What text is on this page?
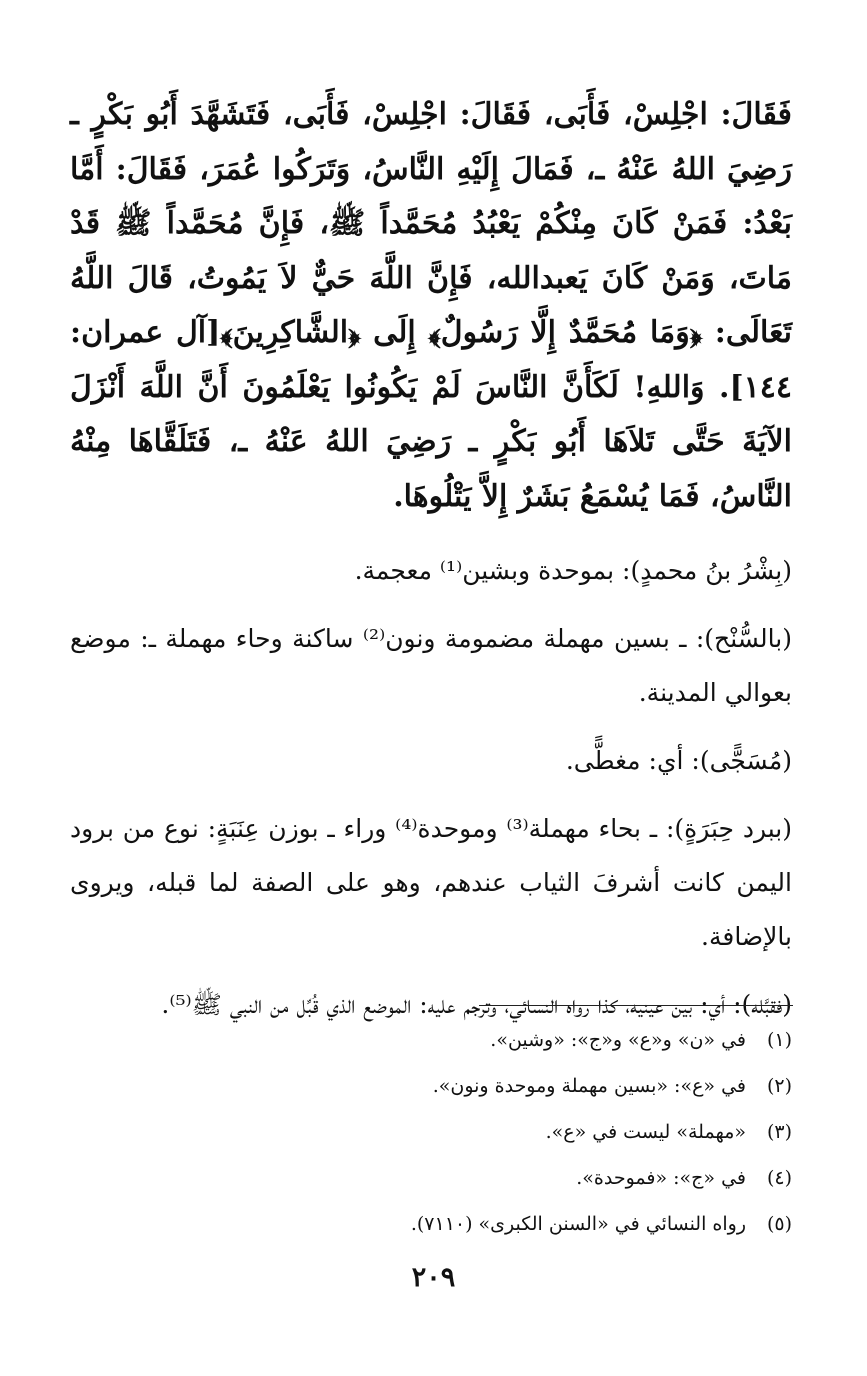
فَقَالَ: اجْلِسْ، فَأَبَى، فَقَالَ: اجْلِسْ، فَأَبَى، فَتَشَهَّدَ أَبُو بَكْرٍ ـ رَضِيَ اللهُ عَنْهُ ـ، فَمَالَ إِلَيْهِ النَّاسُ، وَتَرَكُوا عُمَرَ، فَقَالَ: أَمَّا بَعْدُ: فَمَنْ كَانَ مِنْكُمْ يَعْبُدُ مُحَمَّداً ﷺ، فَإِنَّ مُحَمَّداً ﷺ قَدْ مَاتَ، وَمَنْ كَانَ يَعبدالله، فَإِنَّ اللَّهَ حَيٌّ لاَ يَمُوتُ، قَالَ اللَّهُ تَعَالَى: ﴿وَمَا مُحَمَّدٌ إِلَّا رَسُولٌ﴾ إِلَى ﴿الشَّاكِرِينَ﴾[آل عمران: ١٤٤]. وَاللهِ! لَكَأَنَّ النَّاسَ لَمْ يَكُونُوا يَعْلَمُونَ أَنَّ اللَّهَ أَنْزَلَ الآيَةَ حَتَّى تَلاَهَا أَبُو بَكْرٍ ـ رَضِيَ اللهُ عَنْهُ ـ، فَتَلَقَّاهَا مِنْهُ النَّاسُ، فَمَا يُسْمَعُ بَشَرٌ إِلاَّ يَتْلُوهَا.

(بِشْرُ بنُ محمدٍ): بموحدة وبشين⁽¹⁾ معجمة.

(بالسُّنْح): ـ بسين مهملة مضمومة ونون⁽²⁾ ساكنة وحاء مهملة ـ: موضع بعوالي المدينة.

(مُسَجًّى): أي: مغطًّى.

(ببرد حِبَرَةٍ): ـ بحاء مهملة⁽³⁾ وموحدة⁽⁴⁾ وراء ـ بوزن عِنَبَةٍ: نوع من برود اليمن كانت أشرفَ الثياب عندهم، وهو على الصفة لما قبله، ويروى بالإضافة.

(فقبَّله): أي: بين عينيه، كذا رواه النسائي، وترجم عليه: الموضع الذي قُبِّل من النبي ﷺ⁽⁵⁾.

(١)
في «ن» و«ع» و«ج»: «وشين».
(٢)
في «ع»: «بسين مهملة وموحدة ونون».
(٣)
«مهملة» ليست في «ع».
(٤)
في «ج»: «فموحدة».
(٥)
رواه النسائي في «السنن الكبرى» (٧١١٠).
٢٠٩
